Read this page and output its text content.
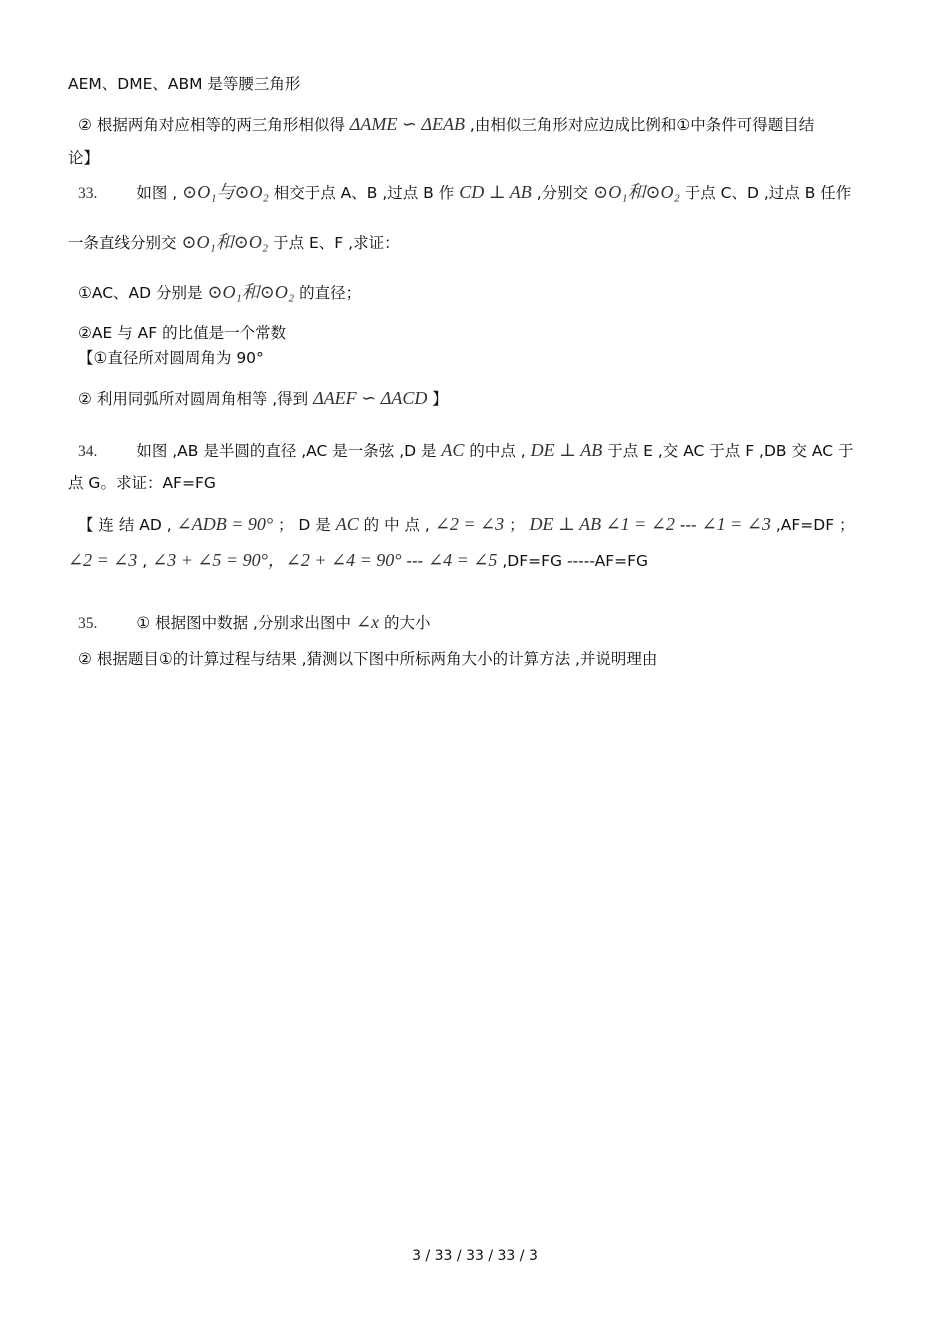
AEM、DME、ABM 是等腰三角形
② 根据两角对应相等的两三角形相似得 ΔAME ∽ ΔEAB ,由相似三角形对应边成比例和①中条件可得题目结
论】
33.	如图 , ⊙O₁与⊙O₂ 相交于点 A、B ,过点 B 作 CD ⊥ AB ,分别交 ⊙O₁和⊙O₂ 于点 C、D ,过点 B 任作
一条直线分别交 ⊙O₁和⊙O₂ 于点 E、F ,求证：
①AC、AD 分别是 ⊙O₁和⊙O₂ 的直径；
②AE 与 AF 的比值是一个常数
【①直径所对圆周角为 90°
② 利用同弧所对圆周角相等 ,得到 ΔAEF ∽ ΔACD 】
34.	如图 ,AB 是半圆的直径 ,AC 是一条弦 ,D 是 AC 的中点 , DE ⊥ AB 于点 E ,交 AC 于点 F ,DB 交 AC 于
点 G。求证：AF=FG
【 连 结 AD , ∠ADB = 90° ； D 是 AC 的 中 点 , ∠2 = ∠3 ； DE ⊥ AB ∠1 = ∠2 --- ∠1 = ∠3 ,AF=DF ；
∠2 = ∠3 , ∠3 + ∠5 = 90°，∠2 + ∠4 = 90° --- ∠4 = ∠5 ,DF=FG -----AF=FG
35.	① 根据图中数据 ,分别求出图中 ∠x 的大小
② 根据题目①的计算过程与结果 ,猜测以下图中所标两角大小的计算方法 ,并说明理由
3 / 33 / 33 / 33 / 3
